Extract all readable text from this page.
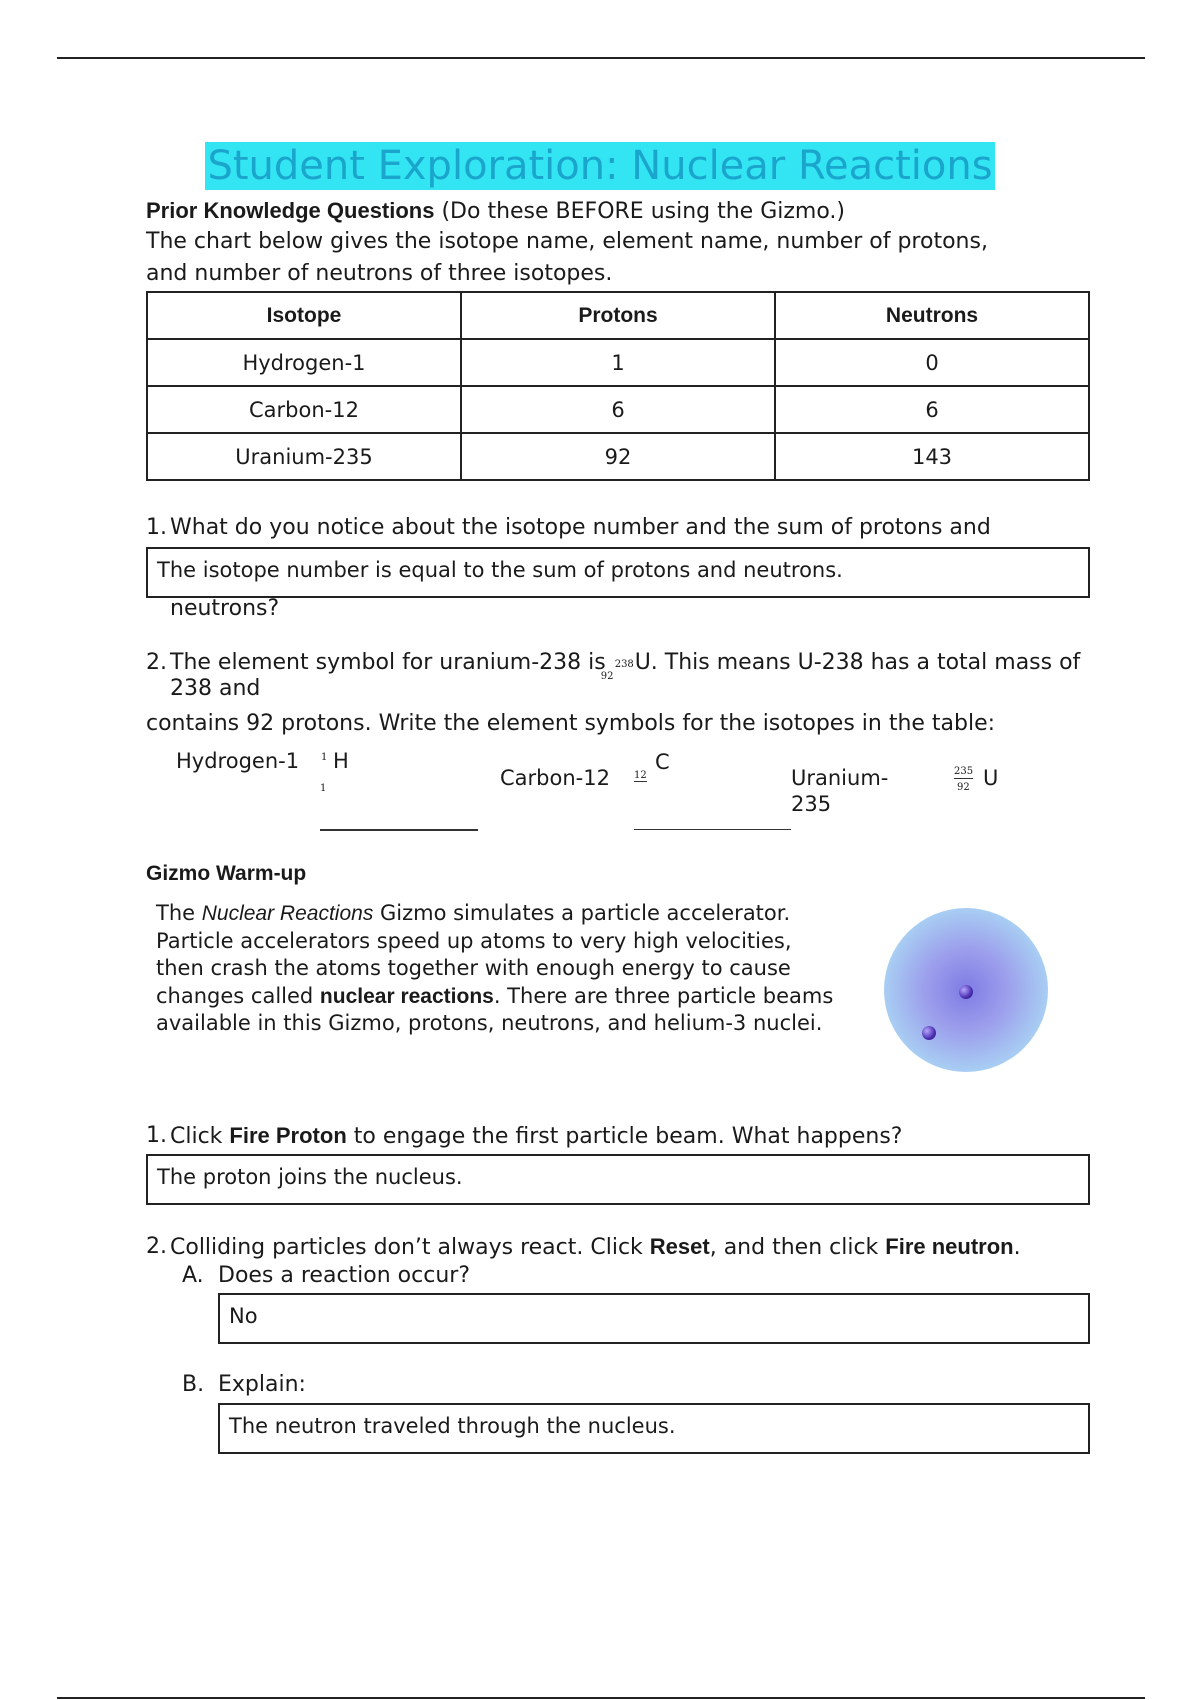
Student Exploration: Nuclear Reactions
Prior Knowledge Questions (Do these BEFORE using the Gizmo.)
The chart below gives the isotope name, element name, number of protons,
and number of neutrons of three isotopes.
Isotope	Protons	Neutrons
Hydrogen-1	1	0
Carbon-12	6	6
Uranium-235	92	143
1. What do you notice about the isotope number and the sum of protons and
The isotope number is equal to the sum of protons and neutrons.
neutrons?
2. The element symbol for uranium-238 is 238
92
U. This means U-238 has a total mass of
238 and
contains 92 protons. Write the element symbols for the isotopes in the table:
Hydrogen-1 1
1
H
Carbon-12 12
C
Uranium-
235
235
92 U
Gizmo Warm-up
The Nuclear Reactions Gizmo simulates a particle accelerator. Particle accelerators speed up atoms to very high velocities, then crash the atoms together with enough energy to cause changes called nuclear reactions. There are three particle beams available in this Gizmo, protons, neutrons, and helium-3 nuclei.
1. Click Fire Proton to engage the first particle beam. What happens?
The proton joins the nucleus.
2. Colliding particles don’t always react. Click Reset, and then click Fire neutron.
A. Does a reaction occur?
No
B. Explain:
The neutron traveled through the nucleus.
